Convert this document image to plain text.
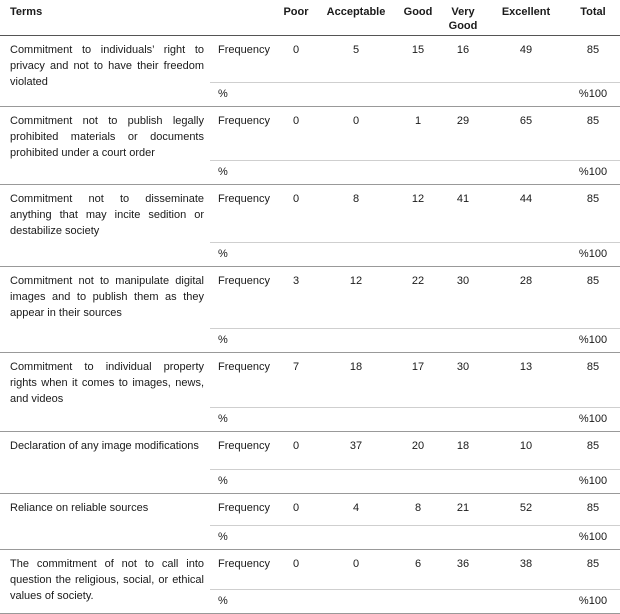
Terms		Poor	Acceptable	Good	Very Good	Excellent	Total
Commitment to individuals’ right to privacy and not to have their freedom violated	Frequency	0	5	15	16	49	85
	%						%100
Commitment not to publish legally prohibited materials or documents prohibited under a court order	Frequency	0	0	1	29	65	85
	%						%100
Commitment not to disseminate anything that may incite sedition or destabilize society	Frequency	0	8	12	41	44	85
	%						%100
Commitment not to manipulate digital images and to publish them as they appear in their sources	Frequency	3	12	22	30	28	85
	%						%100
Commitment to individual property rights when it comes to images, news, and videos	Frequency	7	18	17	30	13	85
	%						%100
Declaration of any image modifications	Frequency	0	37	20	18	10	85
	%						%100
Reliance on reliable sources	Frequency	0	4	8	21	52	85
	%						%100
The commitment of not to call into question the religious, social, or ethical values of society.	Frequency	0	0	6	36	38	85
	%						%100
